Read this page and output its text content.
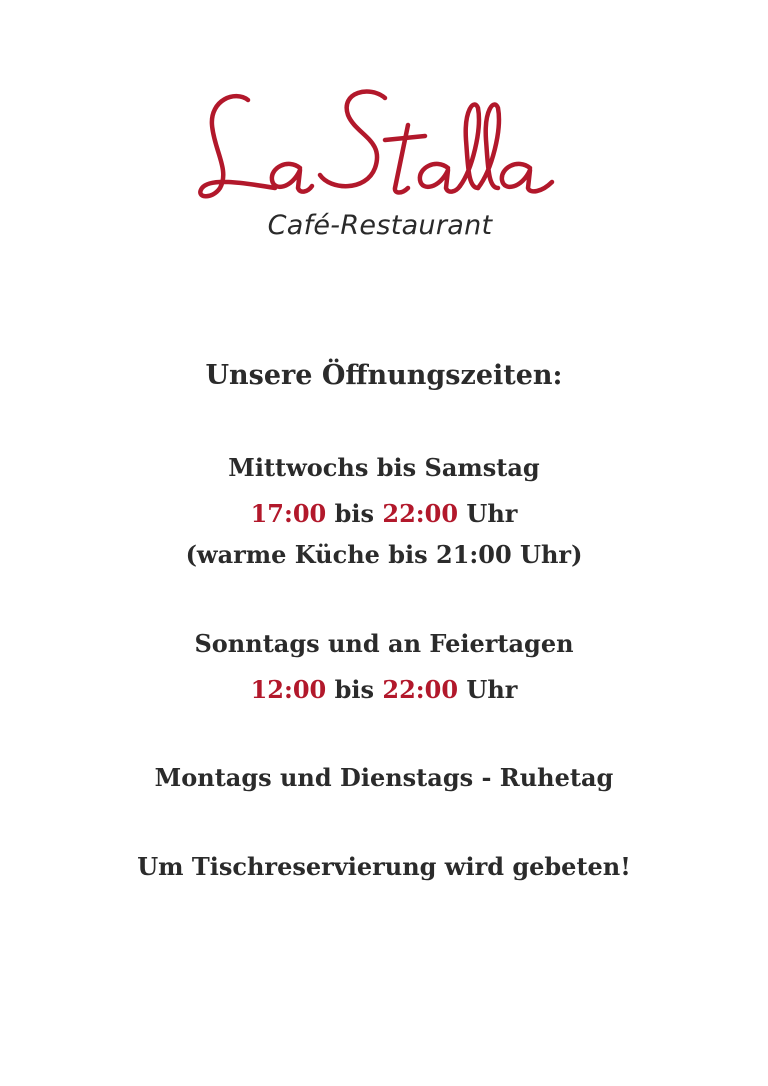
Café-Restaurant
Unsere Öffnungszeiten:
Mittwochs bis Samstag
17:00 bis 22:00 Uhr
(warme Küche bis 21:00 Uhr)
Sonntags und an Feiertagen
12:00 bis 22:00 Uhr
Montags und Dienstags - Ruhetag
Um Tischreservierung wird gebeten!
